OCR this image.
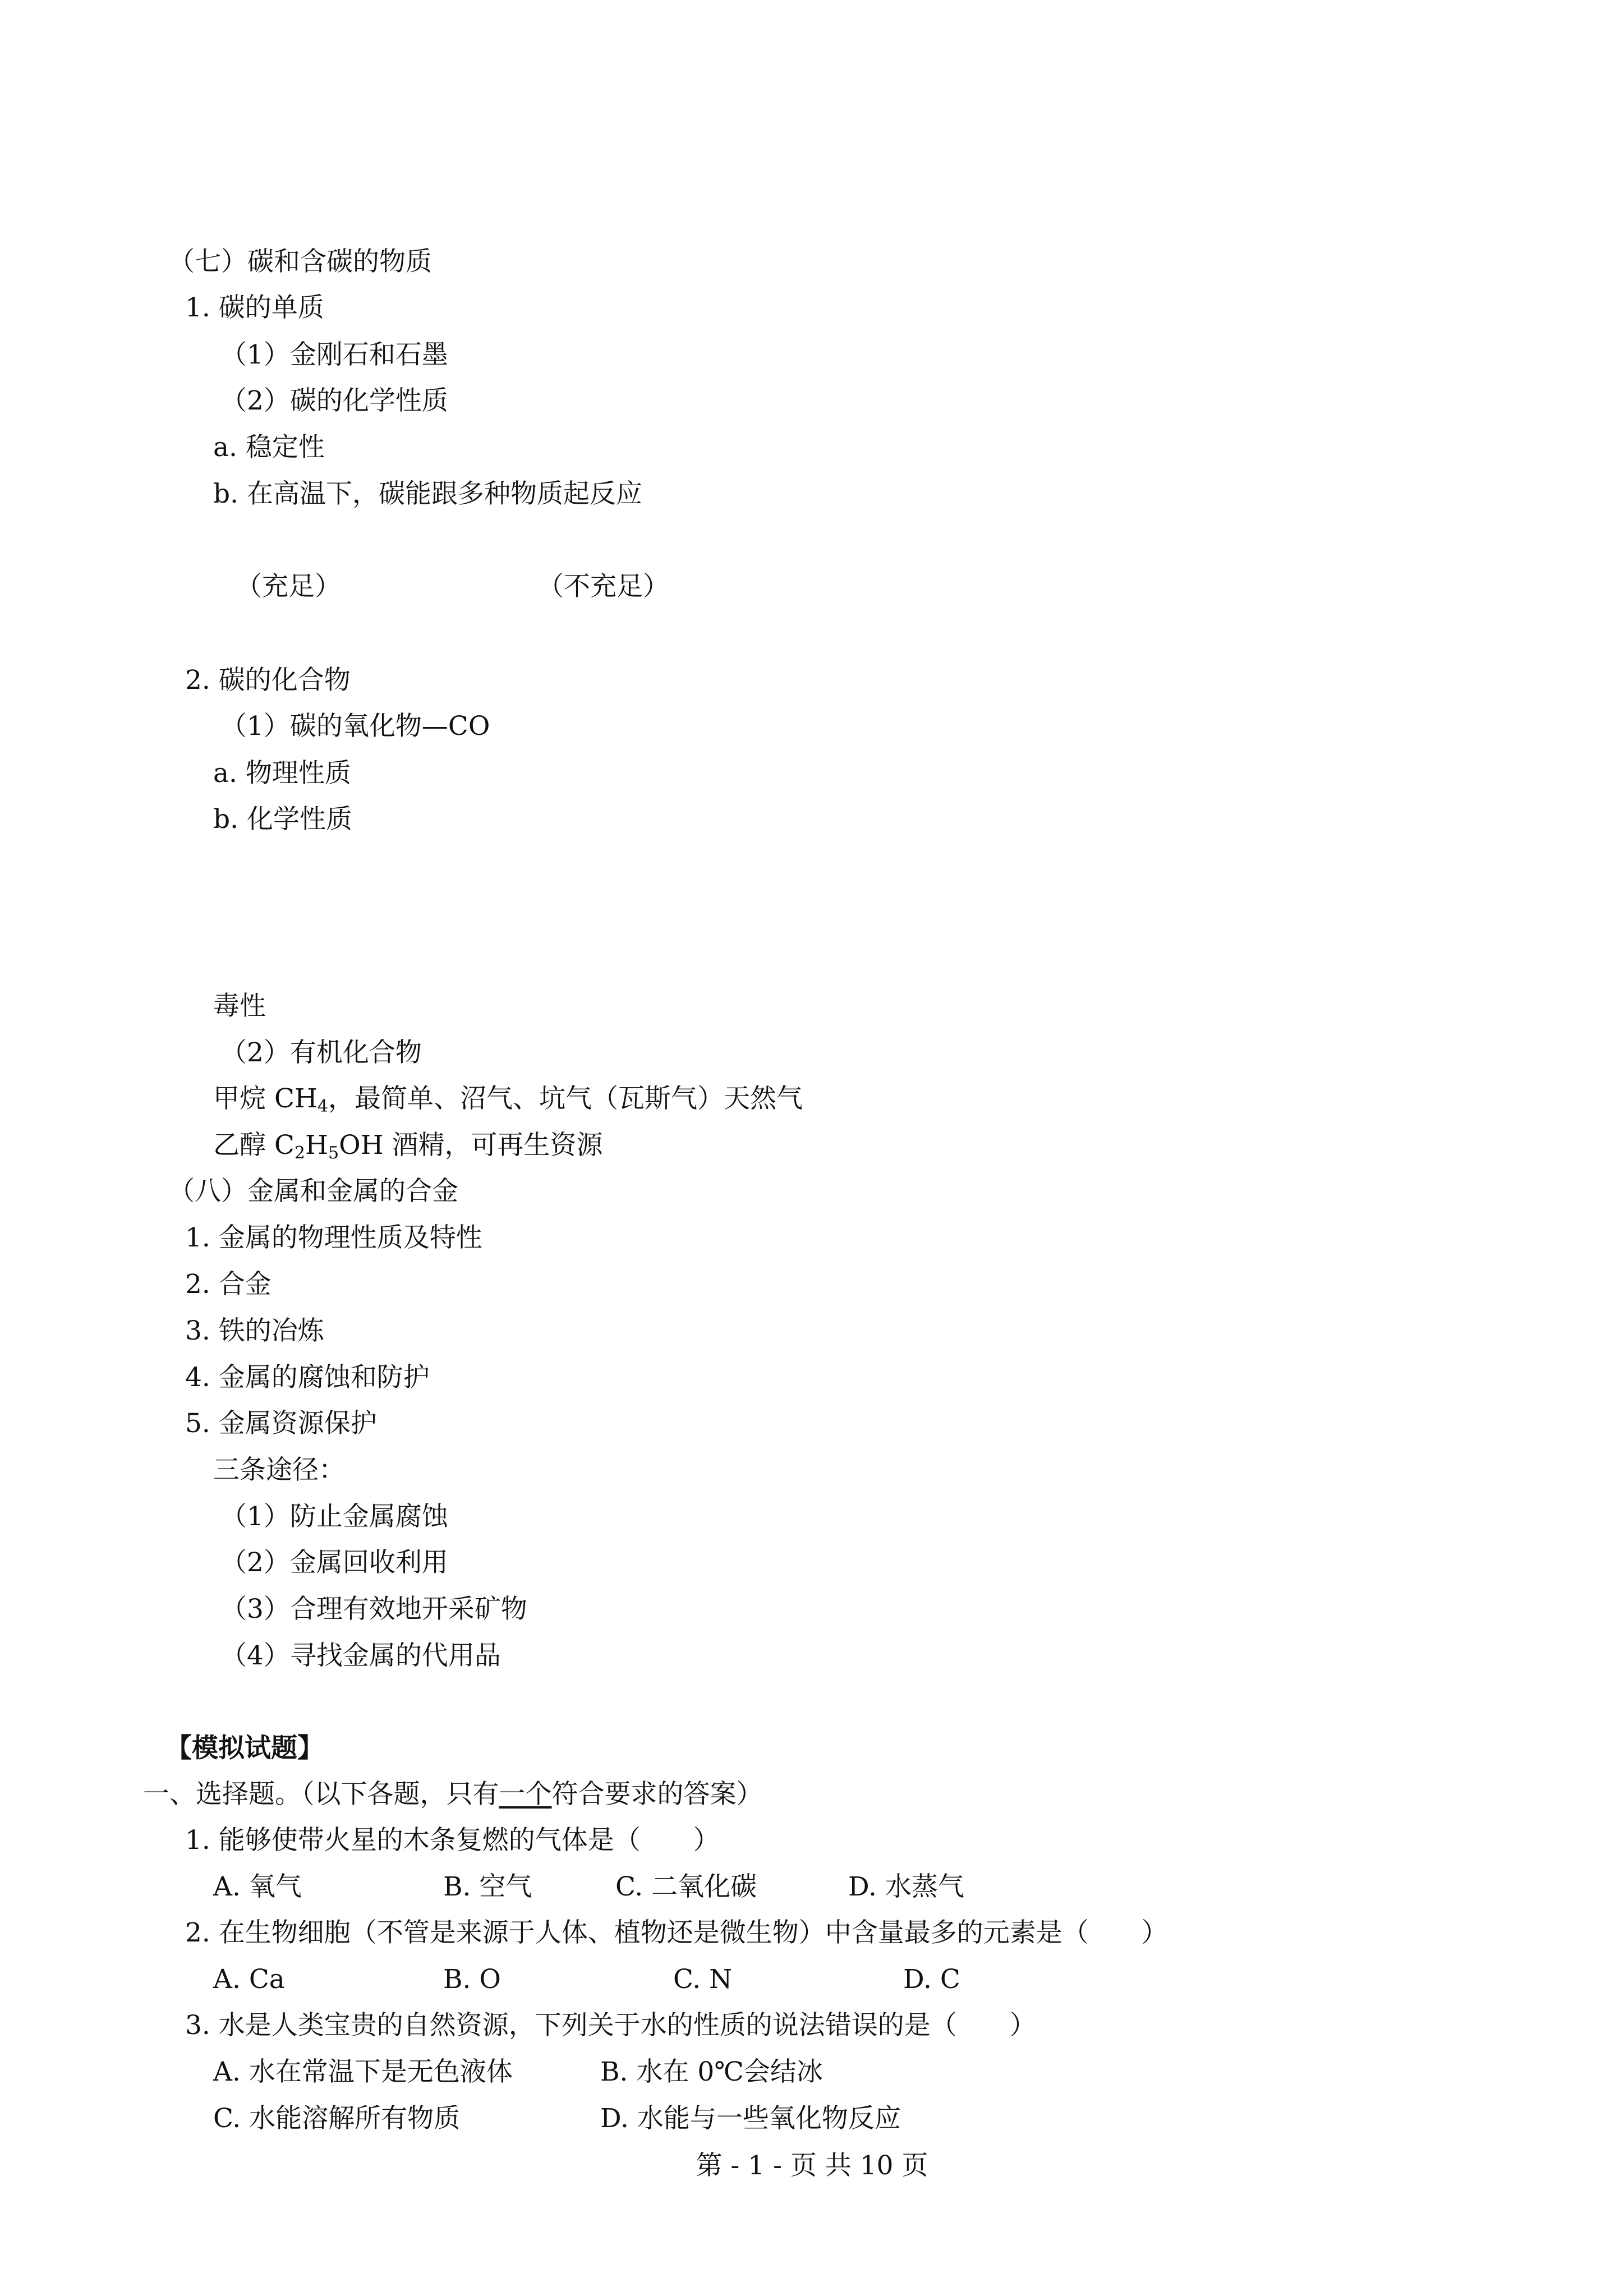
（七）碳和含碳的物质
1. 碳的单质
（1）金刚石和石墨
（2）碳的化学性质
a. 稳定性
b. 在高温下，碳能跟多种物质起反应
（充足）	（不充足）
2. 碳的化合物
（1）碳的氧化物—CO
a. 物理性质
b. 化学性质
毒性
（2）有机化合物
甲烷 $CH_4$，最简单、沼气、坑气（瓦斯气）天然气
乙醇 $C_2H_5OH$ 酒精，可再生资源
（八）金属和金属的合金
1. 金属的物理性质及特性
2. 合金
3. 铁的冶炼
4. 金属的腐蚀和防护
5. 金属资源保护
三条途径：
（1）防止金属腐蚀
（2）金属回收利用
（3）合理有效地开采矿物
（4）寻找金属的代用品
【模拟试题】
一、选择题。（以下各题，只有一个符合要求的答案）
1. 能够使带火星的木条复燃的气体是（　　）
A. 氧气	B. 空气	C. 二氧化碳	D. 水蒸气
2. 在生物细胞（不管是来源于人体、植物还是微生物）中含量最多的元素是（　　）
A. Ca	B. O	C. N	D. C
3. 水是人类宝贵的自然资源，下列关于水的性质的说法错误的是（　　）
A. 水在常温下是无色液体	B. 水在 0℃会结冰
C. 水能溶解所有物质	D. 水能与一些氧化物反应
第 - 1 - 页 共 10 页
